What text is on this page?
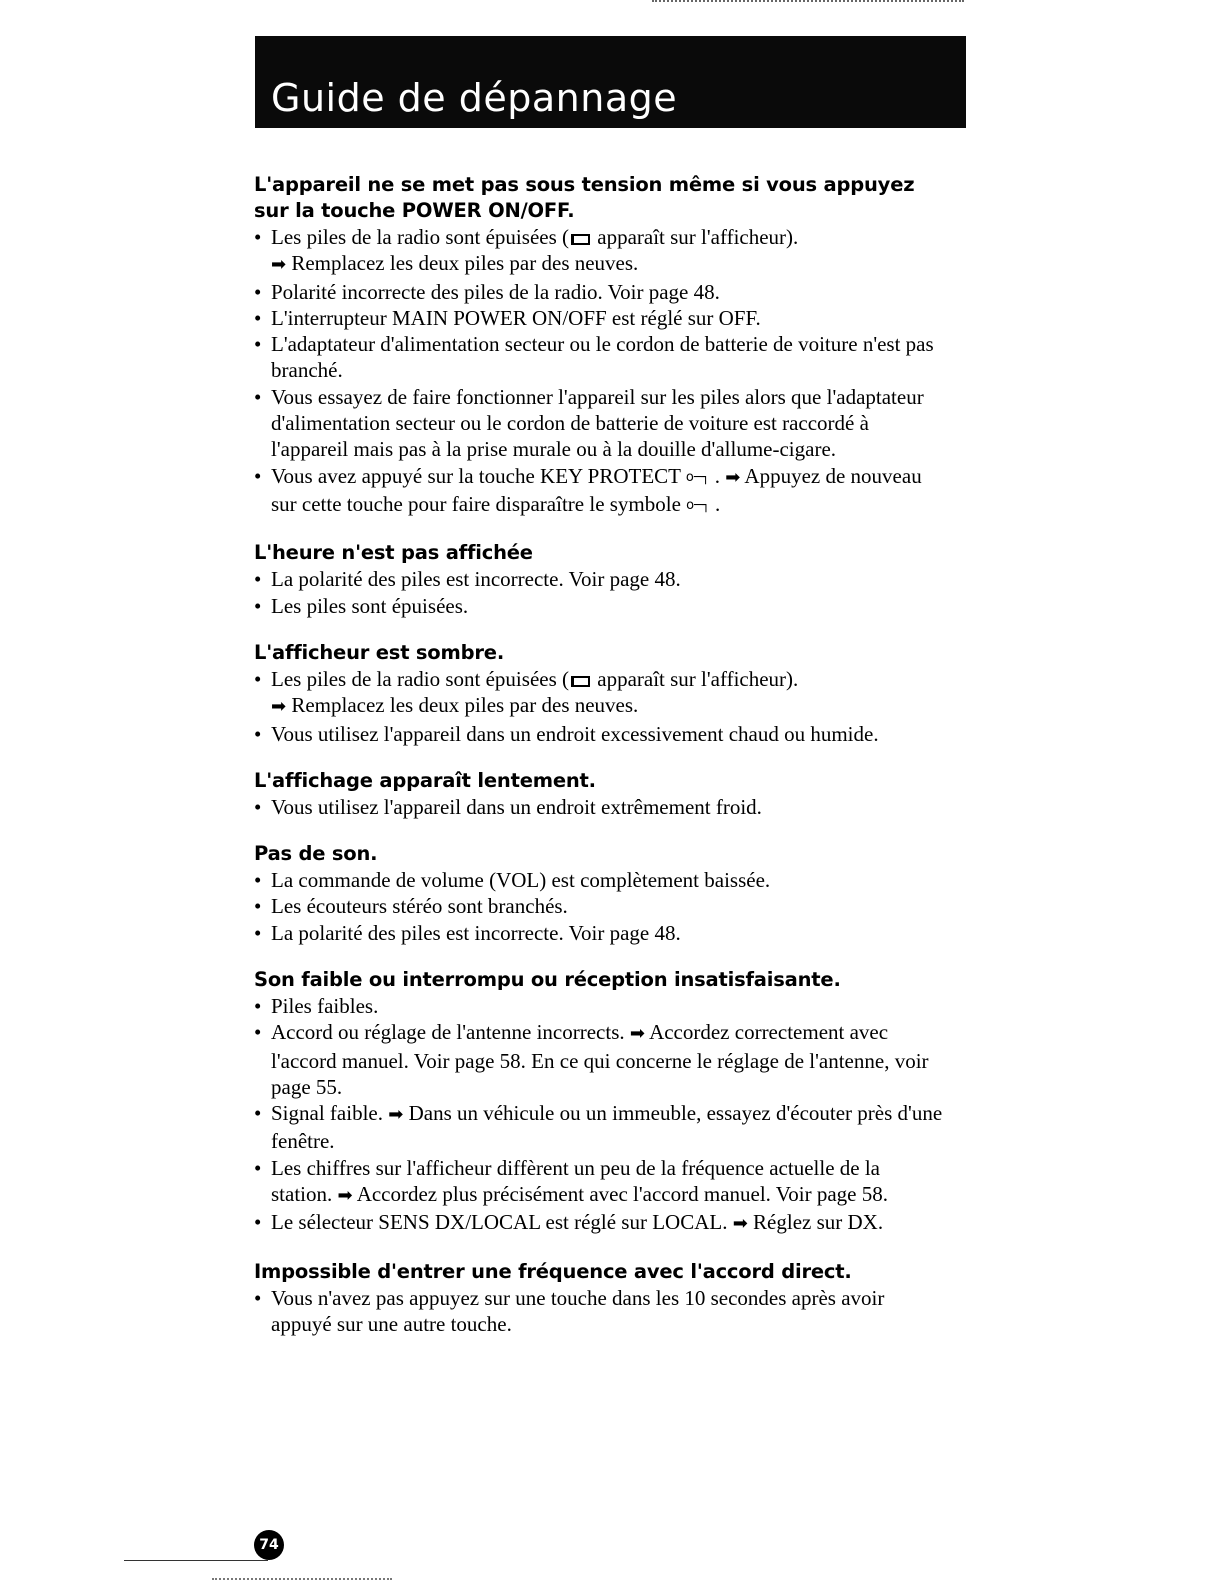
Guide de dépannage
L'appareil ne se met pas sous tension même si vous appuyez sur la touche POWER ON/OFF.
• Les piles de la radio sont épuisées ( apparaît sur l'afficheur).
➡ Remplacez les deux piles par des neuves.
• Polarité incorrecte des piles de la radio. Voir page 48.
• L'interrupteur MAIN POWER ON/OFF est réglé sur OFF.
• L'adaptateur d'alimentation secteur ou le cordon de batterie de voiture n'est pas branché.
• Vous essayez de faire fonctionner l'appareil sur les piles alors que l'adaptateur d'alimentation secteur ou le cordon de batterie de voiture est raccordé à l'appareil mais pas à la prise murale ou à la douille d'allume-cigare.
• Vous avez appuyé sur la touche KEY PROTECT o─┐ . ➡ Appuyez de nouveau sur cette touche pour faire disparaître le symbole o─┐ .
L'heure n'est pas affichée
• La polarité des piles est incorrecte. Voir page 48.
• Les piles sont épuisées.
L'afficheur est sombre.
• Les piles de la radio sont épuisées ( apparaît sur l'afficheur).
➡ Remplacez les deux piles par des neuves.
• Vous utilisez l'appareil dans un endroit excessivement chaud ou humide.
L'affichage apparaît lentement.
• Vous utilisez l'appareil dans un endroit extrêmement froid.
Pas de son.
• La commande de volume (VOL) est complètement baissée.
• Les écouteurs stéréo sont branchés.
• La polarité des piles est incorrecte. Voir page 48.
Son faible ou interrompu ou réception insatisfaisante.
• Piles faibles.
• Accord ou réglage de l'antenne incorrects. ➡ Accordez correctement avec l'accord manuel. Voir page 58. En ce qui concerne le réglage de l'antenne, voir page 55.
• Signal faible. ➡ Dans un véhicule ou un immeuble, essayez d'écouter près d'une fenêtre.
• Les chiffres sur l'afficheur diffèrent un peu de la fréquence actuelle de la station. ➡ Accordez plus précisément avec l'accord manuel. Voir page 58.
• Le sélecteur SENS DX/LOCAL est réglé sur LOCAL. ➡ Réglez sur DX.
Impossible d'entrer une fréquence avec l'accord direct.
• Vous n'avez pas appuyez sur une touche dans les 10 secondes après avoir appuyé sur une autre touche.
74
